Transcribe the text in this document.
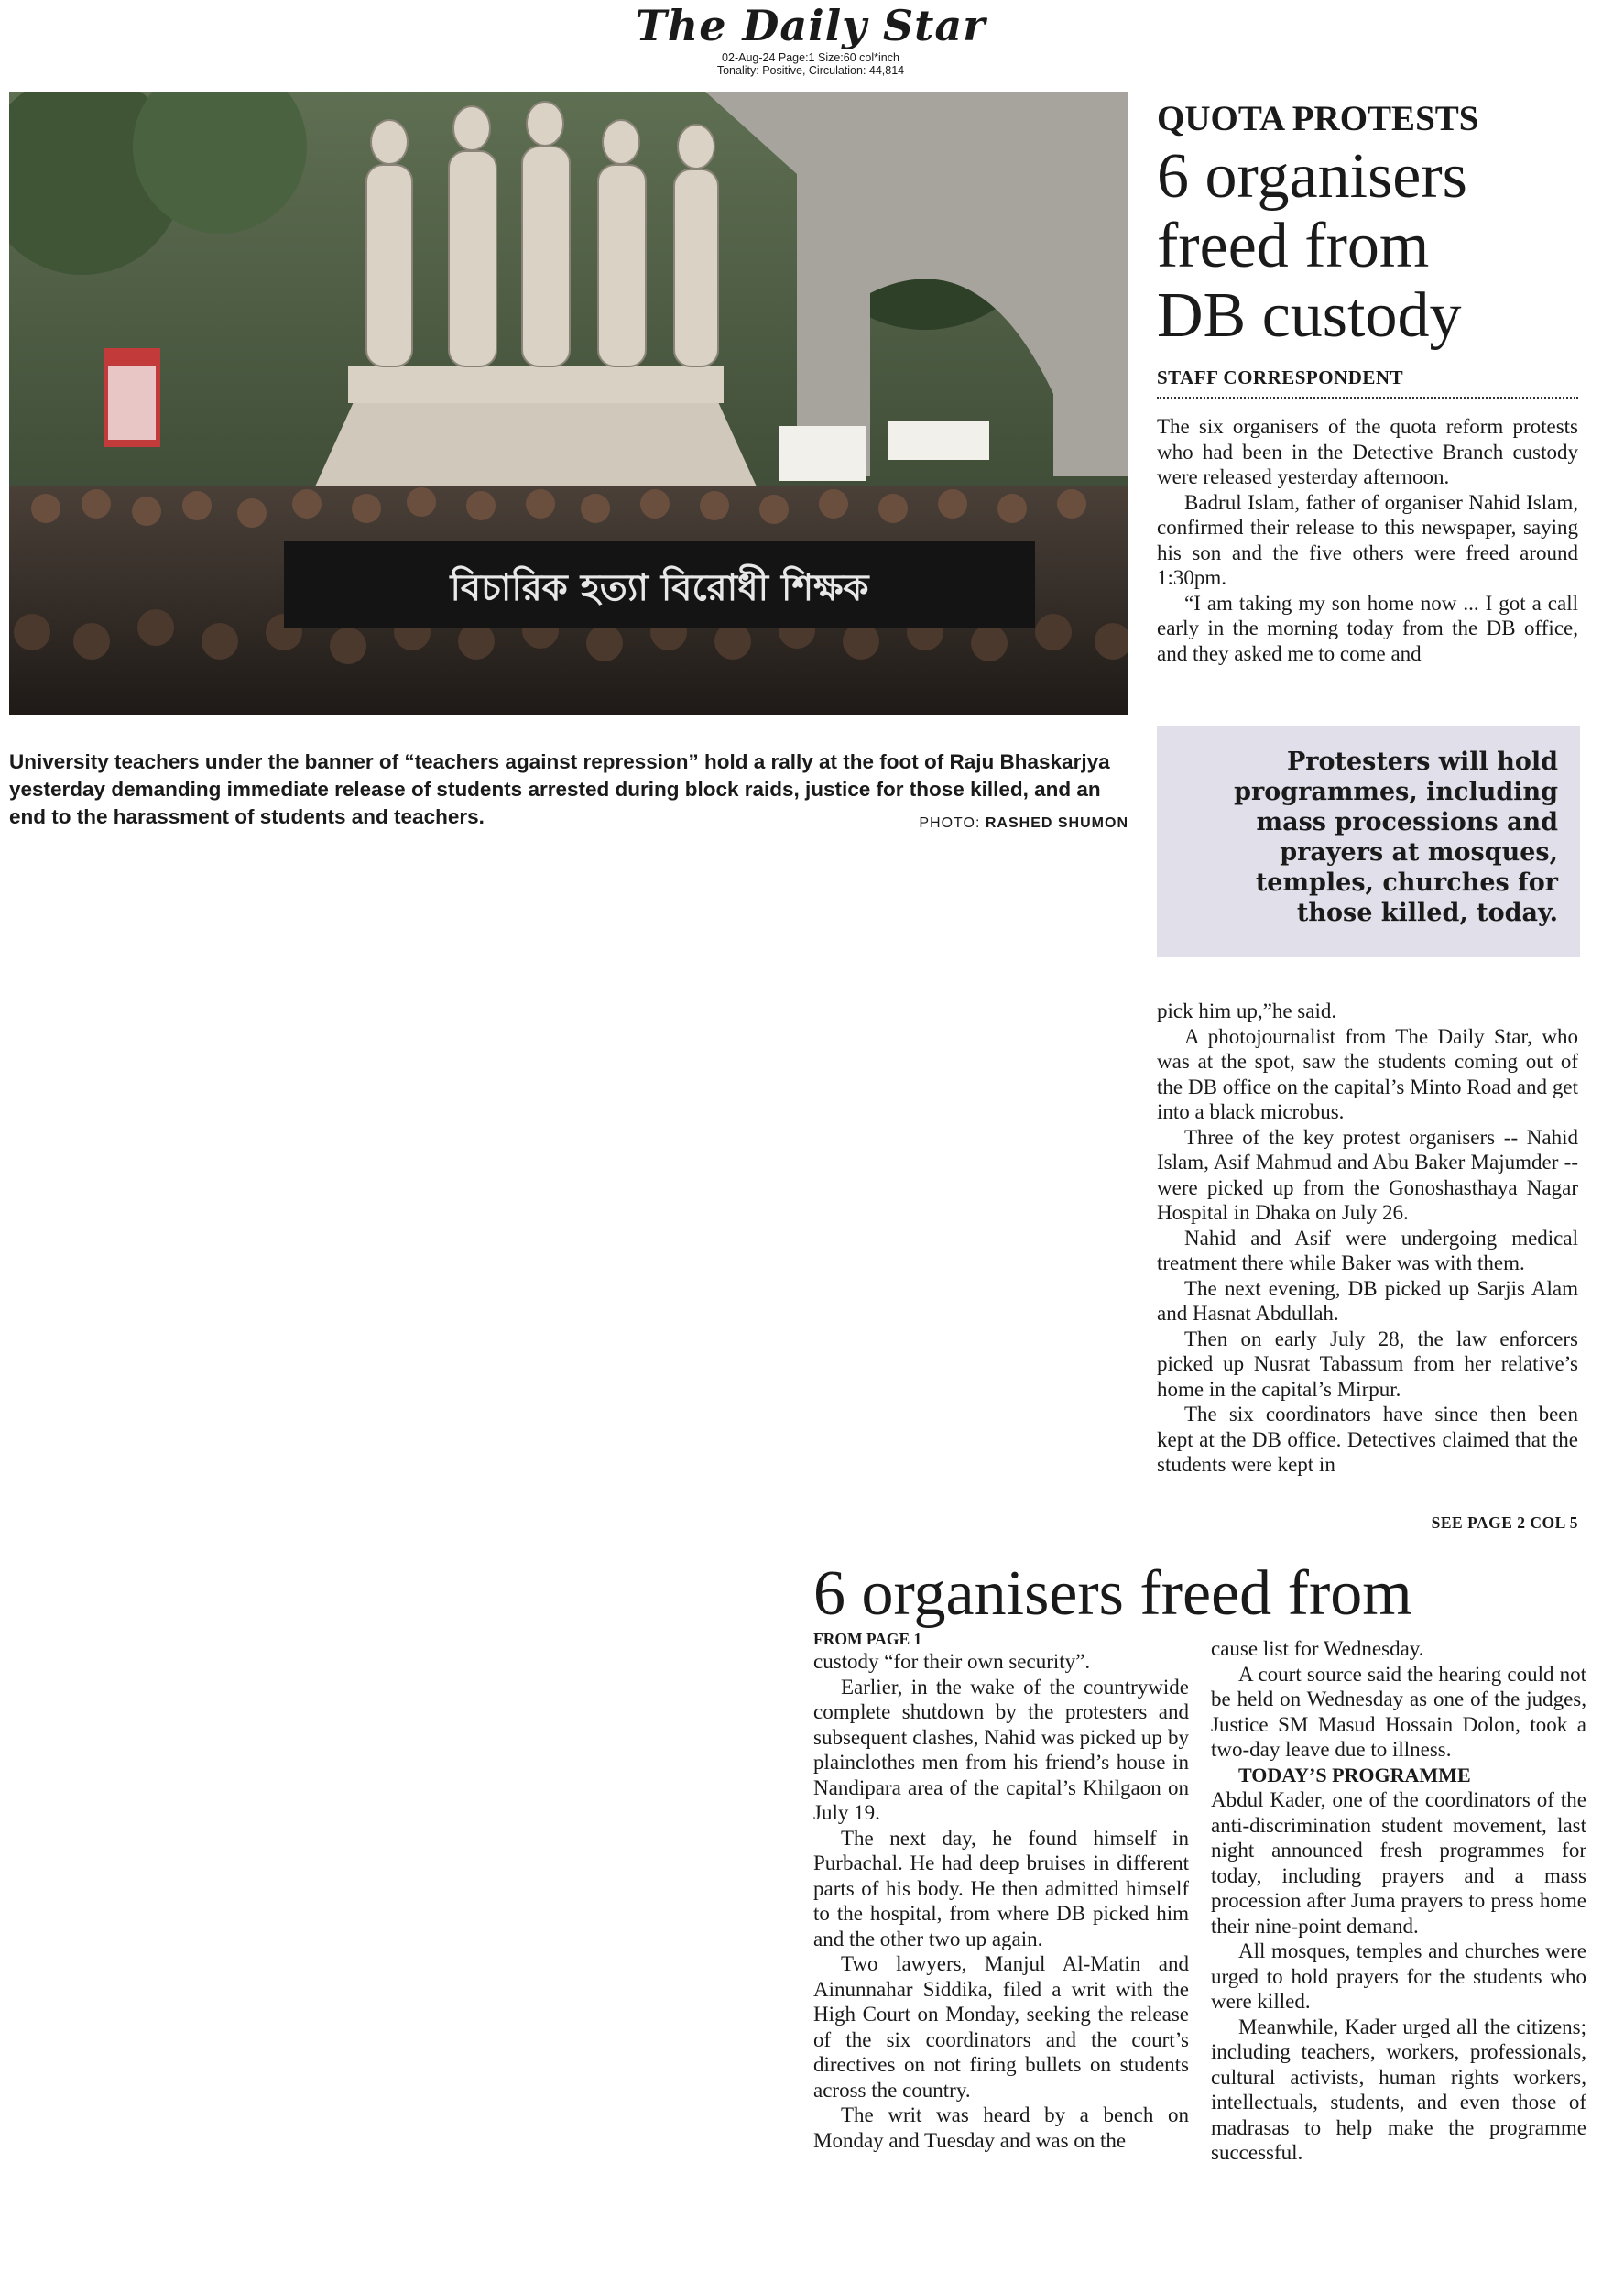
The Daily Star
02-Aug-24 Page:1 Size:60 col*inch
Tonality: Positive, Circulation: 44,814
বিচারিক হত্যা বিরোধী শিক্ষক
University teachers under the banner of “teachers against repression” hold a rally at the foot of Raju Bhaskarjya yesterday demanding immediate release of students arrested during block raids, justice for those killed, and an end to the harassment of students and teachers.	PHOTO: RASHED SHUMON
QUOTA PROTESTS
6 organisers
freed from
DB custody
STAFF CORRESPONDENT

The six organisers of the quota reform protests who had been in the Detective Branch custody were released yesterday afternoon.

Badrul Islam, father of organiser Nahid Islam, confirmed their release to this newspaper, saying his son and the five others were freed around 1:30pm.

“I am taking my son home now ... I got a call early in the morning today from the DB office, and they asked me to come and

Protesters will hold programmes, including mass processions and prayers at mosques, temples, churches for those killed, today.

pick him up,”he said.

A photojournalist from The Daily Star, who was at the spot, saw the students coming out of the DB office on the capital’s Minto Road and get into a black microbus.

Three of the key protest organisers -- Nahid Islam, Asif Mahmud and Abu Baker Majumder -- were picked up from the Gonoshasthaya Nagar Hospital in Dhaka on July 26.

Nahid and Asif were undergoing medical treatment there while Baker was with them.

The next evening, DB picked up Sarjis Alam and Hasnat Abdullah.

Then on early July 28, the law enforcers picked up Nusrat Tabassum from her relative’s home in the capital’s Mirpur.

The six coordinators have since then been kept at the DB office. Detectives claimed that the students were kept in

SEE PAGE 2 COL 5
6 organisers freed from
FROM PAGE 1

custody “for their own security”.

Earlier, in the wake of the countrywide complete shutdown by the protesters and subsequent clashes, Nahid was picked up by plainclothes men from his friend’s house in Nandipara area of the capital’s Khilgaon on July 19.

The next day, he found himself in Purbachal. He had deep bruises in different parts of his body. He then admitted himself to the hospital, from where DB picked him and the other two up again.

Two lawyers, Manjul Al-Matin and Ainunnahar Siddika, filed a writ with the High Court on Monday, seeking the release of the six coordinators and the court’s directives on not firing bullets on students across the country.

The writ was heard by a bench on Monday and Tuesday and was on the

cause list for Wednesday.

A court source said the hearing could not be held on Wednesday as one of the judges, Justice SM Masud Hossain Dolon, took a two-day leave due to illness.

TODAY’S PROGRAMME

Abdul Kader, one of the coordinators of the anti-discrimination student movement, last night announced fresh programmes for today, including prayers and a mass procession after Juma prayers to press home their nine-point demand.

All mosques, temples and churches were urged to hold prayers for the students who were killed.

Meanwhile, Kader urged all the citizens; including teachers, workers, professionals, cultural activists, human rights workers, intellectuals, students, and even those of madrasas to help make the programme successful.
